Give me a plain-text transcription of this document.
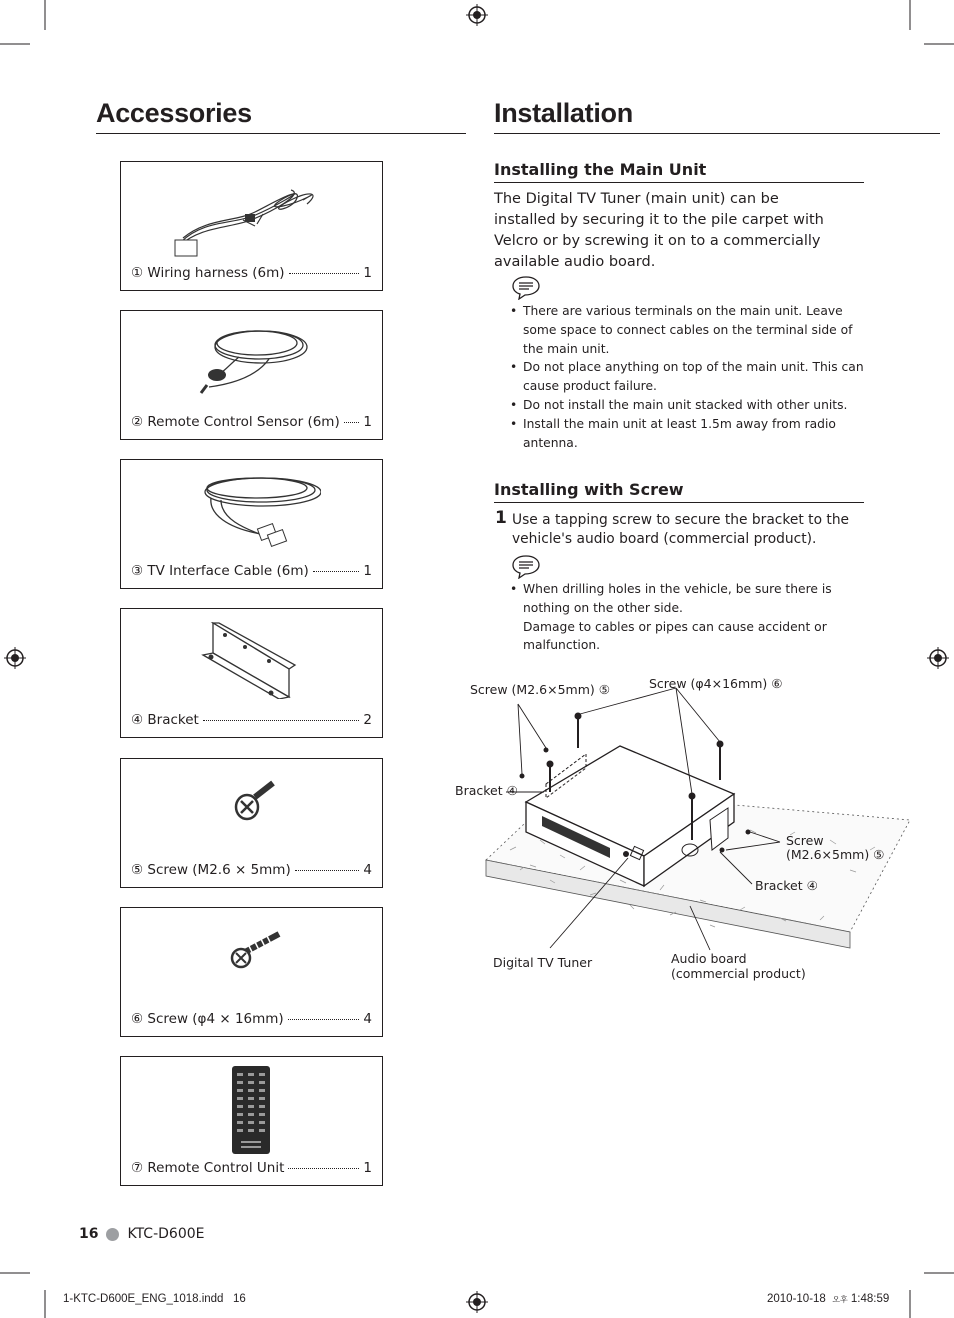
Accessories
①
Wiring harness (6m)	1
②
Remote Control Sensor (6m) 1
③
TV Interface Cable (6m)	1
④
Bracket	2
⑤
Screw (M2.6 × 5mm)	4
⑥
Screw (φ4 × 16mm)	4
⑦
Remote Control Unit	1
16 KTC-D600E
Installation
Installing the Main Unit
The Digital TV Tuner (main unit) can be installed by securing it to the pile carpet with Velcro or by screwing it on to a commercially available audio board.
• There are various terminals on the main unit. Leave some space to connect cables on the terminal side of the main unit.
• Do not place anything on top of the main unit. This can cause product failure.
• Do not install the main unit stacked with other units.
• Install the main unit at least 1.5m away from radio antenna.
Installing with Screw
1 Use a tapping screw to secure the bracket to the vehicle's audio board (commercial product).
• When drilling holes in the vehicle, be sure there is nothing on the other side.
Damage to cables or pipes can cause accident or malfunction.
Screw (M2.6×5mm) ⑤	Screw (φ4×16mm) ⑥
Bracket ④
Screw
(M2.6×5mm) ⑤
Bracket ④
Digital TV Tuner	Audio board
(commercial product)
1-KTC-D600E_ENG_1018.indd   16	2010-10-18 오후 1:48:59
